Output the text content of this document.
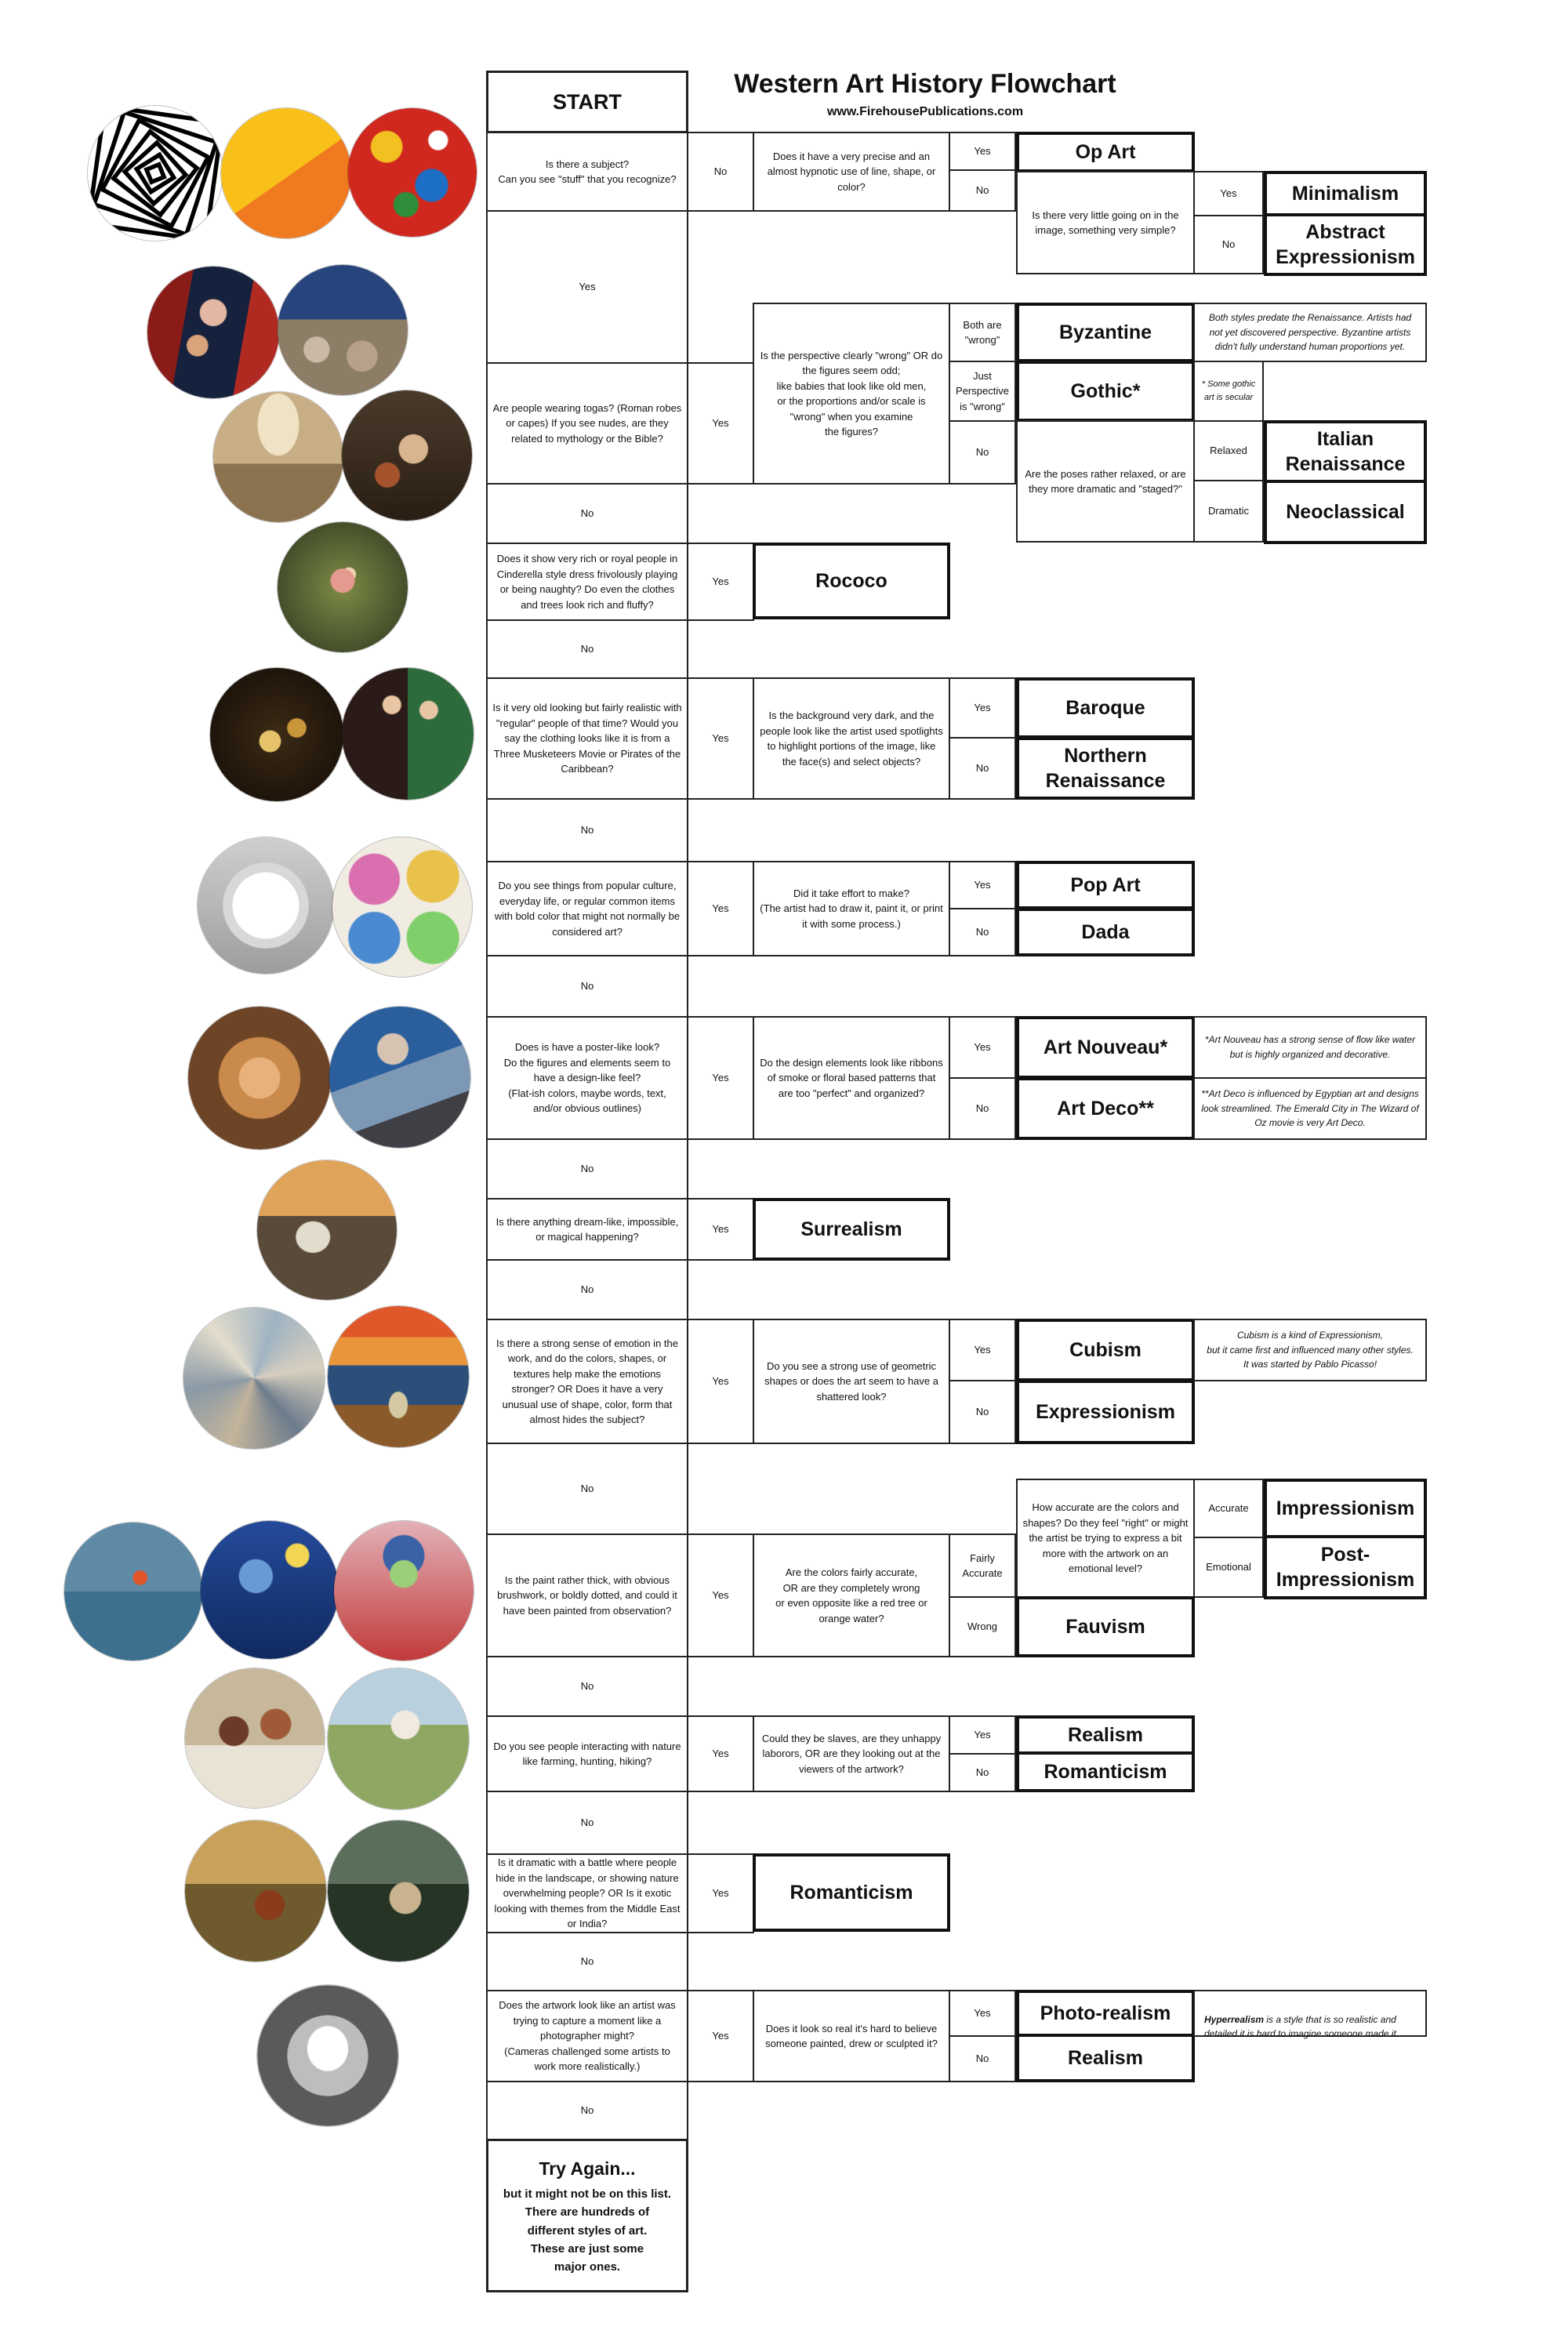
Western Art History Flowchart
www.FirehousePublications.com
START
Is there a subject?
Can you see "stuff" that you recognize?
No
Does it have a very precise and an almost hypnotic use of line, shape, or color?
Yes
No
Op Art
Is there very little going on in the image, something very simple?
Yes
No
Minimalism
Abstract
Expressionism
Yes
Are people wearing togas? (Roman robes or capes) If you see nudes, are they related to mythology or the Bible?
Yes
Is the perspective clearly "wrong" OR do the figures seem odd;
like babies that look like old men,
or the proportions and/or scale is "wrong" when you examine
the figures?
Both are "wrong"
Just Perspective is "wrong"
No
Byzantine
Gothic*
Both styles predate the Renaissance. Artists had not yet discovered perspective. Byzantine artists didn't fully understand human proportions yet.
* Some gothic art is secular
Are the poses rather relaxed, or are they more dramatic and "staged?"
Relaxed
Dramatic
Italian
Renaissance
Neoclassical
No
Does it show very rich or royal people in Cinderella style dress frivolously playing or being naughty? Do even the clothes and trees look rich and fluffy?
Yes	Rococo
No
Is it very old looking but fairly realistic with "regular" people of that time? Would you say the clothing looks like it is from a Three Musketeers Movie or Pirates of the Caribbean?
Yes
Is the background very dark, and the people look like the artist used spotlights to highlight portions of the image, like the face(s) and select objects?
Yes
No
Baroque
Northern
Renaissance
No
Do you see things from popular culture, everyday life, or regular common items with bold color that might not normally be considered art?
Yes
Did it take effort to make?
(The artist had to draw it, paint it, or print it with some process.)
Yes
No
Pop Art
Dada
No
Does is have a poster-like look?
Do the figures and elements seem to have a design-like feel?
(Flat-ish colors, maybe words, text, and/or obvious outlines)
Yes
Do the design elements look like ribbons of smoke or floral based patterns that are too "perfect" and organized?
Yes
No
Art Nouveau*
Art Deco**
*Art Nouveau has a strong sense of flow like water but is highly organized and decorative.
**Art Deco is influenced by Egyptian art and designs look streamlined. The Emerald City in The Wizard of Oz movie is very Art Deco.
No
Is there anything dream-like, impossible, or magical happening?
Yes	Surrealism
No
Is there a strong sense of emotion in the work, and do the colors, shapes, or textures help make the emotions stronger? OR Does it have a very unusual use of shape, color, form that almost hides the subject?
Yes
Do you see a strong use of geometric shapes or does the art seem to have a shattered look?
Yes
No
Cubism
Expressionism
Cubism is a kind of Expressionism,
but it came first and influenced many other styles.
It was started by Pablo Picasso!
No
How accurate are the colors and shapes? Do they feel "right" or might the artist be trying to express a bit more with the artwork on an emotional level?
Accurate
Emotional
Impressionism
Post-
Impressionism
Is the paint rather thick, with obvious brushwork, or boldly dotted, and could it have been painted from observation?
Yes
Are the colors fairly accurate,
OR are they completely wrong
or even opposite like a red tree or orange water?
Fairly Accurate
Wrong	Fauvism
No
Do you see people interacting with nature like farming, hunting, hiking?
Yes
Could they be slaves, are they unhappy laborors, OR are they looking out at the viewers of the artwork?
Yes
No
Realism
Romanticism
No
Is it dramatic with a battle where people hide in the landscape, or showing nature overwhelming people? OR Is it exotic looking with themes from the Middle East or India?
Yes	Romanticism
No
Does the artwork look like an artist was trying to capture a moment like a photographer might?
(Cameras challenged some artists to work more realistically.)
Yes
Does it look so real it's hard to believe someone painted, drew or sculpted it?
Yes
No
Photo-realism
Realism

Hyperrealism is a style that is so realistic and detailed it is hard to imagine someone made it.

No
Try Again...
but it might not be on this list.
There are hundreds of
different styles of art.
These are just some
major ones.
